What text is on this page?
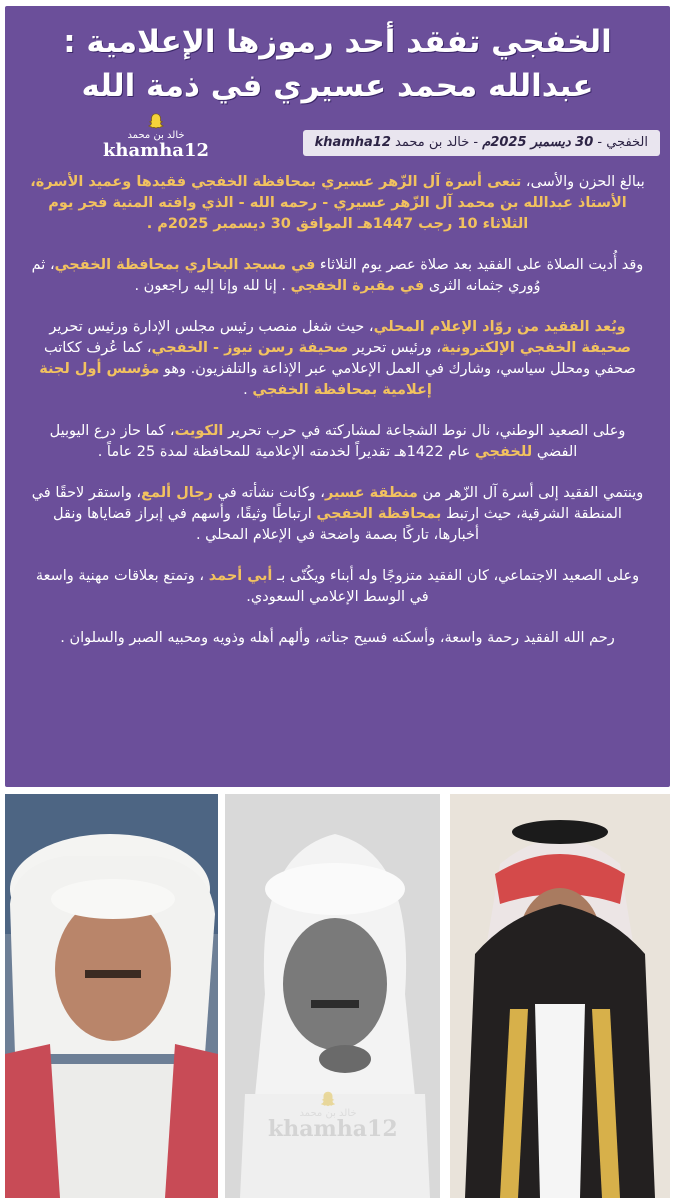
الخفجي تفقد أحد رموزها الإعلامية :
عبدالله محمد عسيري في ذمة الله
الخفجي - 30 ديسمبر 2025م - خالد بن محمد khamha12
خالد بن محمد
khamha12

ببالغ الحزن والأسى، تنعى أسرة آل الزّهر عسيري بمحافظة الخفجي فقيدها وعميد الأسرة، الأستاذ عبدالله بن محمد آل الزّهر عسيري - رحمه الله - الذي وافته المنية فجر يوم الثلاثاء 10 رجب 1447هـ الموافق 30 ديسمبر 2025م .

وقد أُديت الصلاة على الفقيد بعد صلاة عصر يوم الثلاثاء في مسجد البخاري بمحافظة الخفجي، ثم وُوري جثمانه الثرى في مقبرة الخفجي . إنا لله وإنا إليه راجعون .

ويُعد الفقيد من روّاد الإعلام المحلي، حيث شغل منصب رئيس مجلس الإدارة ورئيس تحرير صحيفة الخفجي الإلكترونية، ورئيس تحرير صحيفة رسن نيوز - الخفجي، كما عُرف ككاتب صحفي ومحلل سياسي، وشارك في العمل الإعلامي عبر الإذاعة والتلفزيون. وهو مؤسس أول لجنة إعلامية بمحافظة الخفجي .

وعلى الصعيد الوطني، نال نوط الشجاعة لمشاركته في حرب تحرير الكويت، كما حاز درع اليوبيل الفضي للخفجي عام 1422هـ تقديراً لخدمته الإعلامية للمحافظة لمدة 25 عاماً .

وينتمي الفقيد إلى أسرة آل الزّهر من منطقة عسير، وكانت نشأته في رجال ألمع، واستقر لاحقًا في المنطقة الشرقية، حيث ارتبط بمحافظة الخفجي ارتباطًا وثيقًا، وأسهم في إبراز قضاياها ونقل أخبارها، تاركًا بصمة واضحة في الإعلام المحلي .

وعلى الصعيد الاجتماعي، كان الفقيد متزوجًا وله أبناء ويكُنّى بـ أبي أحمد ، وتمتع بعلاقات مهنية واسعة في الوسط الإعلامي السعودي.

رحم الله الفقيد رحمة واسعة، وأسكنه فسيح جناته، وألهم أهله وذويه ومحبيه الصبر والسلوان .

خالد بن محمد
khamha12
